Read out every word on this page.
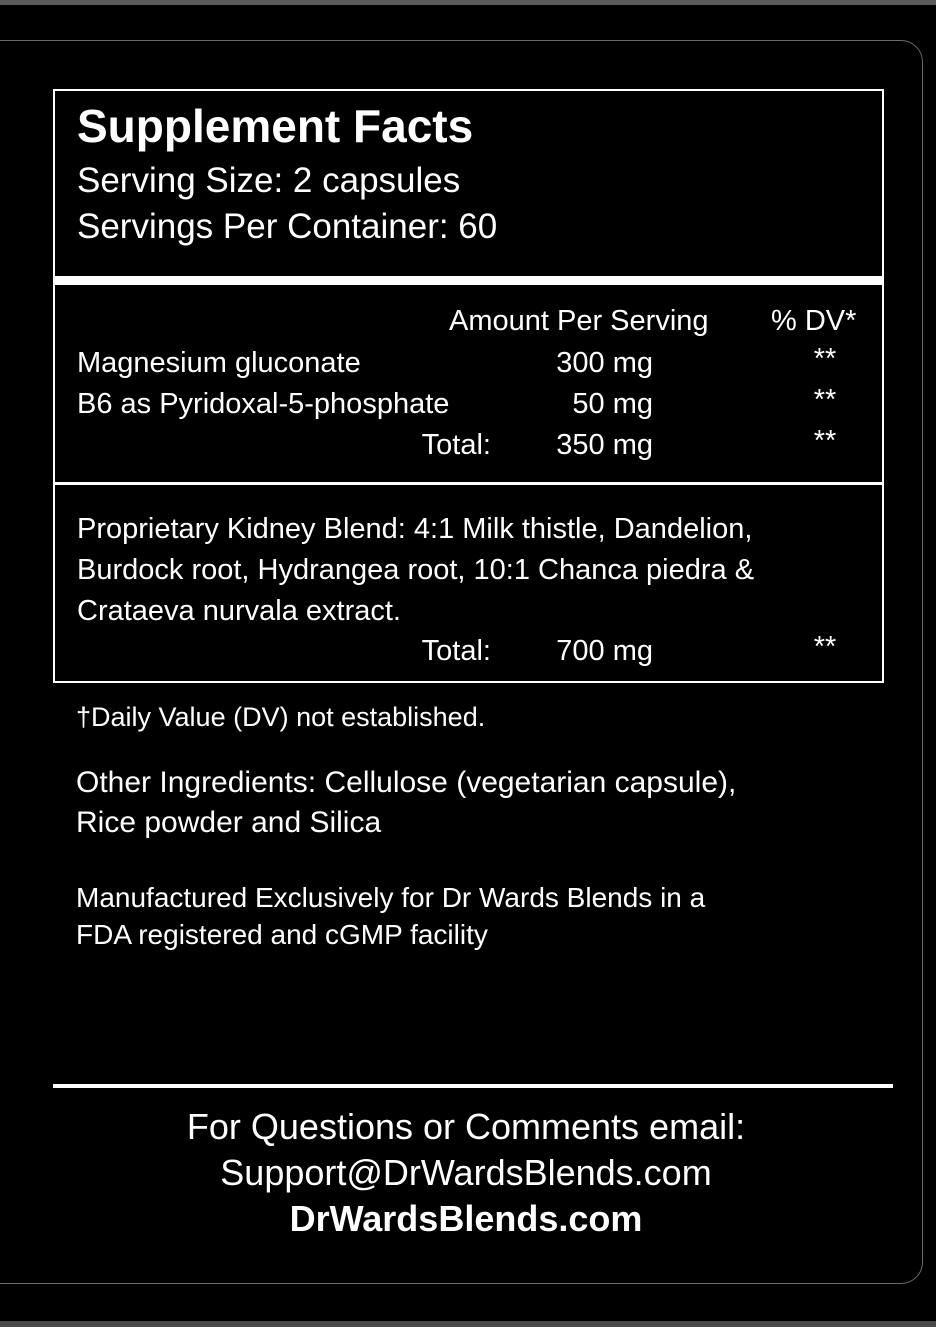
Supplement Facts
Serving Size: 2 capsules
Servings Per Container: 60
Amount Per Serving % DV*
Magnesium gluconate	300 mg	**
B6 as Pyridoxal-5-phosphate	50 mg	**
Total:	350 mg	**
Proprietary Kidney Blend: 4:1 Milk thistle, Dandelion, Burdock root, Hydrangea root, 10:1 Chanca piedra & Crataeva nurvala extract.
Total:	700 mg	**
†Daily Value (DV) not established.
Other Ingredients: Cellulose (vegetarian capsule),
Rice powder and Silica
Manufactured Exclusively for Dr Wards Blends in a
FDA registered and cGMP facility
For Questions or Comments email:
Support@DrWardsBlends.com
DrWardsBlends.com
